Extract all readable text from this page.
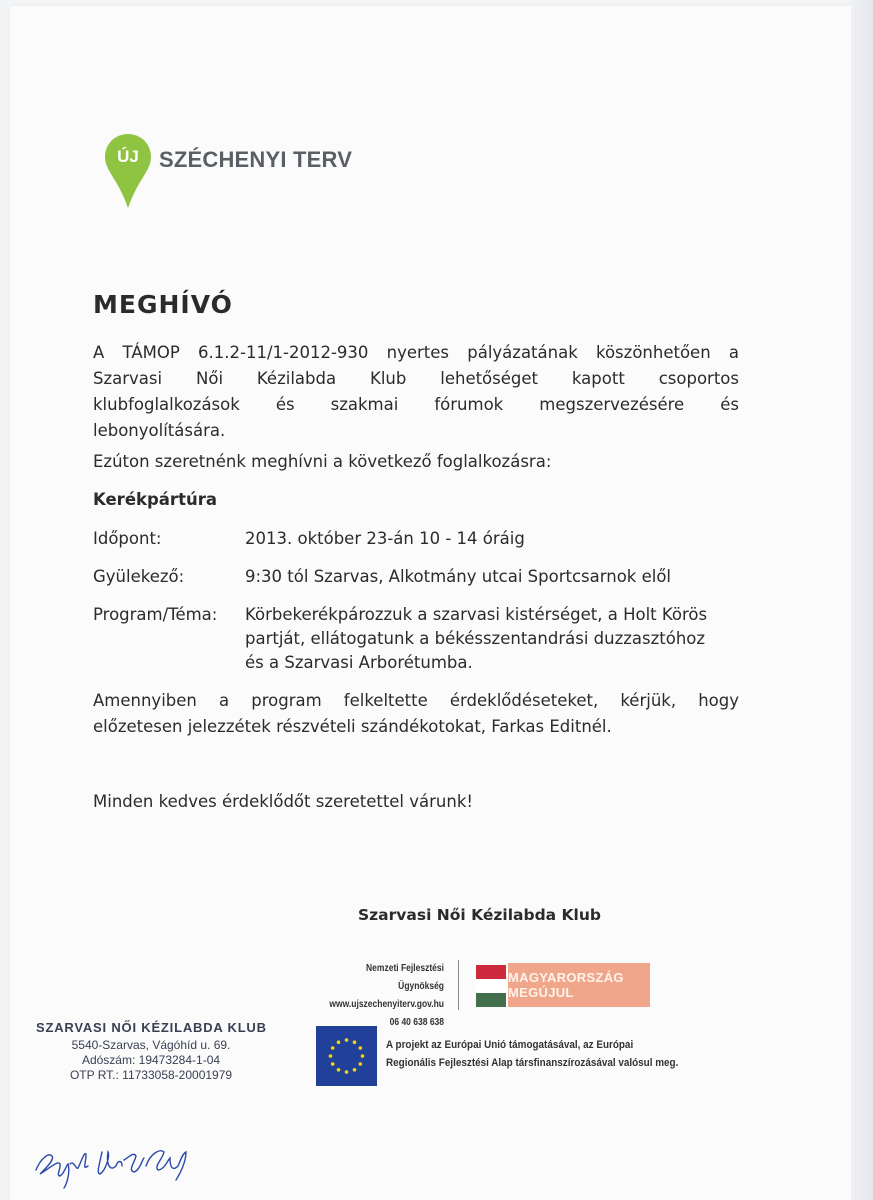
ÚJ SZÉCHENYI TERV
MEGHÍVÓ
A TÁMOP 6.1.2-11/1-2012-930 nyertes pályázatának köszönhetően a
Szarvasi Női Kézilabda Klub lehetőséget kapott csoportos
klubfoglalkozások és szakmai fórumok megszervezésére és
lebonyolítására.
Ezúton szeretnénk meghívni a következő foglalkozásra:
Kerékpártúra
Időpont:	2013. október 23-án 10 - 14 óráig
Gyülekező:	9:30 tól Szarvas, Alkotmány utcai Sportcsarnok elől
Program/Téma: Körbekerékpározzuk a szarvasi kistérséget, a Holt Körös
partját, ellátogatunk a békésszentandrási duzzasztóhoz
és a Szarvasi Arborétumba.
Amennyiben a program felkeltette érdeklődéseteket, kérjük, hogy
előzetesen jelezzétek részvételi szándékotokat, Farkas Editnél.
Minden kedves érdeklődőt szeretettel várunk!
Szarvasi Női Kézilabda Klub
Nemzeti Fejlesztési Ügynökség
www.ujszechenyiterv.gov.hu
06 40 638 638
MAGYARORSZÁG MEGÚJUL
A projekt az Európai Unió támogatásával, az Európai
Regionális Fejlesztési Alap társfinanszírozásával valósul meg.
SZARVASI NŐI KÉZILABDA KLUB
5540-Szarvas, Vágóhíd u. 69.
Adószám: 19473284-1-04
OTP RT.: 11733058-20001979
